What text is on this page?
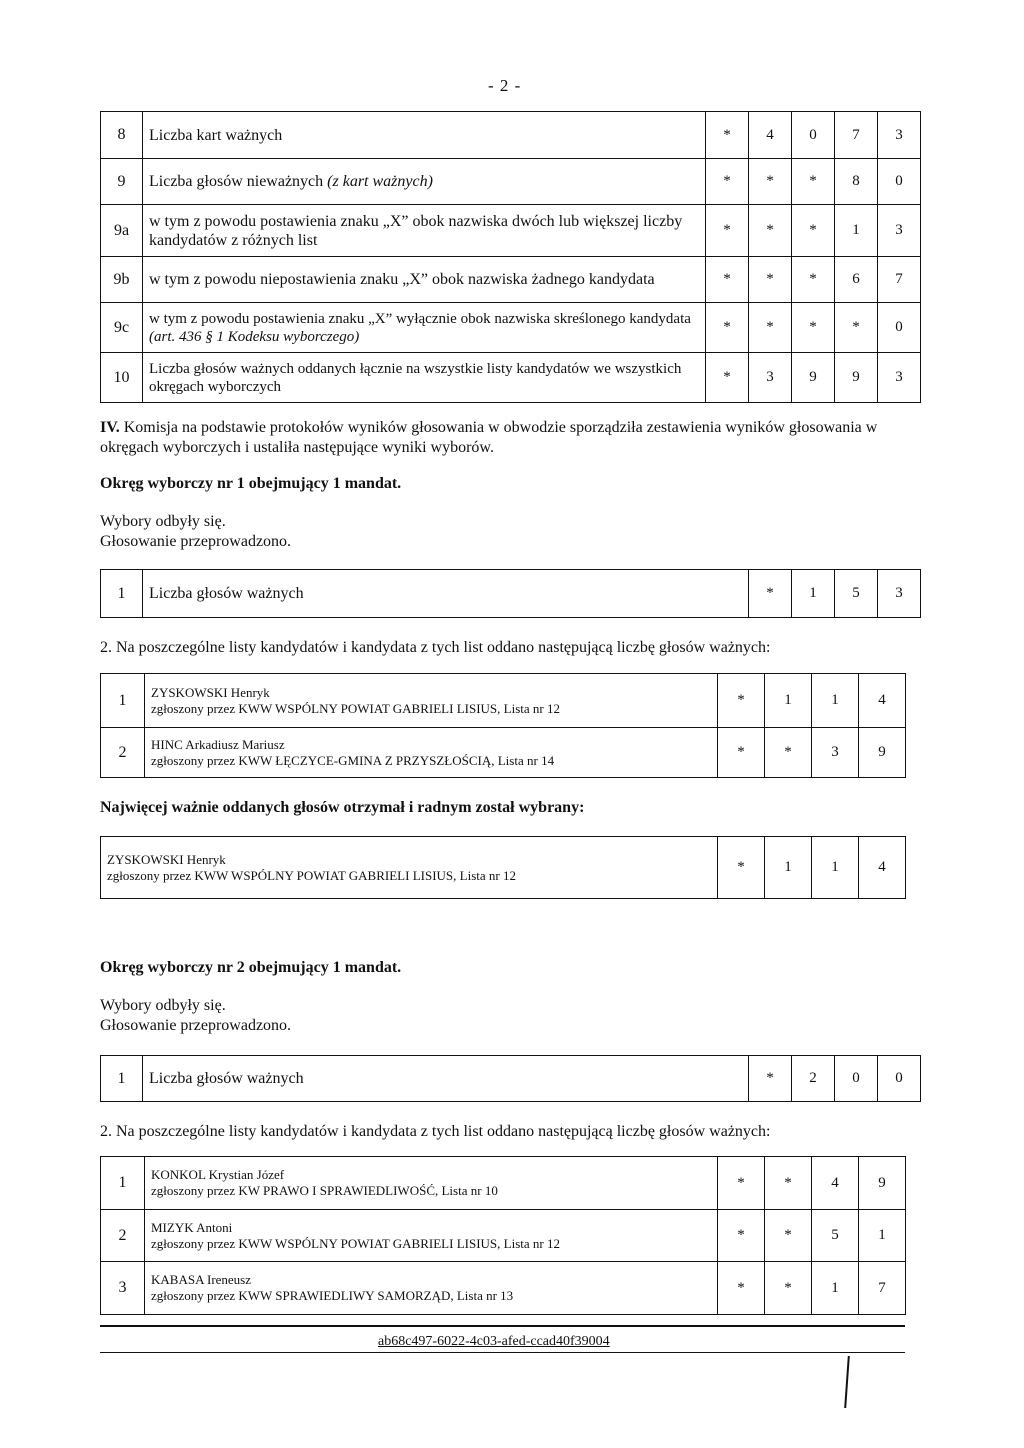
- 2 -
8	Liczba kart ważnych	*	4	0	7	3
9	Liczba głosów nieważnych (z kart ważnych)	*	*	*	8	0
9a	w tym z powodu postawienia znaku „X” obok nazwiska dwóch lub większej liczby kandydatów z różnych list	*	*	*	1	3
9b	w tym z powodu niepostawienia znaku „X” obok nazwiska żadnego kandydata	*	*	*	6	7
9c	w tym z powodu postawienia znaku „X” wyłącznie obok nazwiska skreślonego kandydata (art. 436 § 1 Kodeksu wyborczego)	*	*	*	*	0
10	Liczba głosów ważnych oddanych łącznie na wszystkie listy kandydatów we wszystkich okręgach wyborczych	*	3	9	9	3
IV. Komisja na podstawie protokołów wyników głosowania w obwodzie sporządziła zestawienia wyników głosowania w okręgach wyborczych i ustaliła następujące wyniki wyborów.
Okręg wyborczy nr 1 obejmujący 1 mandat.
Wybory odbyły się.
Głosowanie przeprowadzono.
1	Liczba głosów ważnych	*	1	5	3
2. Na poszczególne listy kandydatów i kandydata z tych list oddano następującą liczbę głosów ważnych:
1	ZYSKOWSKI Henryk
zgłoszony przez KWW WSPÓLNY POWIAT GABRIELI LISIUS, Lista nr 12	*	1	1	4
2	HINC Arkadiusz Mariusz
zgłoszony przez KWW ŁĘCZYCE-GMINA Z PRZYSZŁOŚCIĄ, Lista nr 14	*	*	3	9
Najwięcej ważnie oddanych głosów otrzymał i radnym został wybrany:
ZYSKOWSKI Henryk
zgłoszony przez KWW WSPÓLNY POWIAT GABRIELI LISIUS, Lista nr 12	*	1	1	4
Okręg wyborczy nr 2 obejmujący 1 mandat.
Wybory odbyły się.
Głosowanie przeprowadzono.
1	Liczba głosów ważnych	*	2	0	0
2. Na poszczególne listy kandydatów i kandydata z tych list oddano następującą liczbę głosów ważnych:
1	KONKOL Krystian Józef
zgłoszony przez KW PRAWO I SPRAWIEDLIWOŚĆ, Lista nr 10	*	*	4	9
2	MIZYK Antoni
zgłoszony przez KWW WSPÓLNY POWIAT GABRIELI LISIUS, Lista nr 12	*	*	5	1
3	KABASA Ireneusz
zgłoszony przez KWW SPRAWIEDLIWY SAMORZĄD, Lista nr 13	*	*	1	7
ab68c497-6022-4c03-afed-ccad40f39004
